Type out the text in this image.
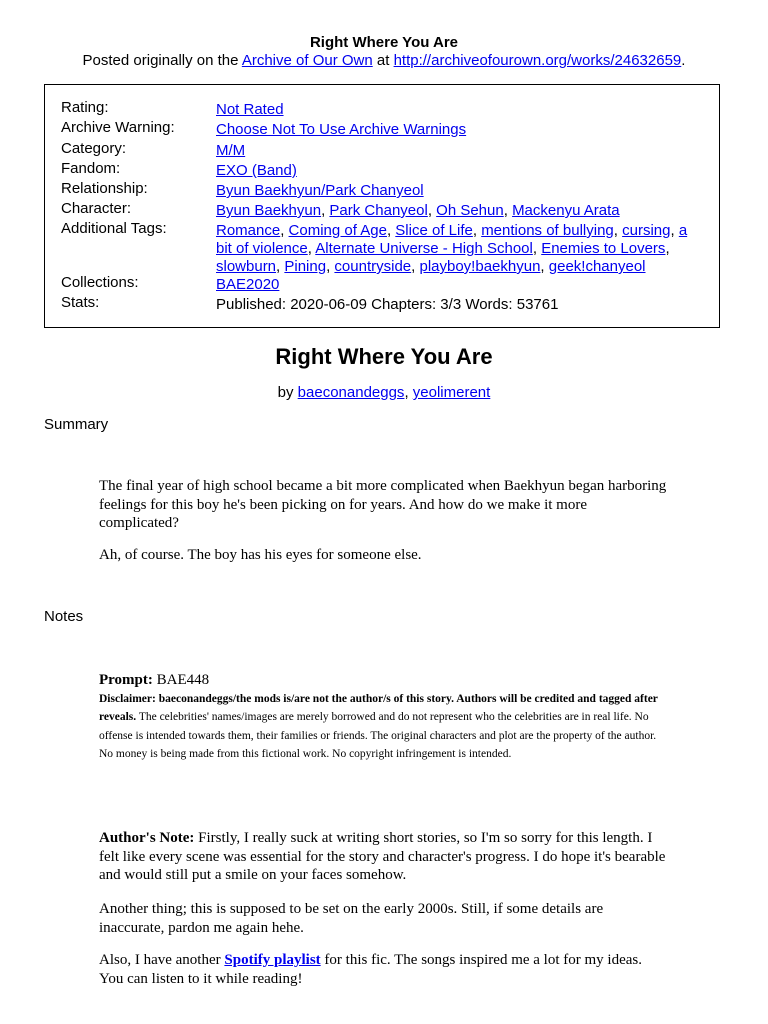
Right Where You Are
Posted originally on the Archive of Our Own at http://archiveofourown.org/works/24632659.
Rating:	Not Rated
Archive Warning:	Choose Not To Use Archive Warnings
Category:	M/M
Fandom:	EXO (Band)
Relationship:	Byun Baekhyun/Park Chanyeol
Character:	Byun Baekhyun, Park Chanyeol, Oh Sehun, Mackenyu Arata
Additional Tags:	Romance, Coming of Age, Slice of Life, mentions of bullying, cursing, a bit of violence, Alternate Universe - High School, Enemies to Lovers, slowburn, Pining, countryside, playboy!baekhyun, geek!chanyeol
Collections:	BAE2020
Stats:	Published: 2020-06-09 Chapters: 3/3 Words: 53761
Right Where You Are
by baeconandeggs, yeolimerent
Summary
The final year of high school became a bit more complicated when Baekhyun began harboring feelings for this boy he's been picking on for years. And how do we make it more complicated?
Ah, of course. The boy has his eyes for someone else.
Notes
Prompt: BAE448
Disclaimer: baeconandeggs/the mods is/are not the author/s of this story. Authors will be credited and tagged after reveals. The celebrities' names/images are merely borrowed and do not represent who the celebrities are in real life. No offense is intended towards them, their families or friends. The original characters and plot are the property of the author. No money is being made from this fictional work. No copyright infringement is intended.
Author's Note: Firstly, I really suck at writing short stories, so I'm so sorry for this length. I felt like every scene was essential for the story and character's progress. I do hope it's bearable and would still put a smile on your faces somehow.
Another thing; this is supposed to be set on the early 2000s. Still, if some details are inaccurate, pardon me again hehe.
Also, I have another Spotify playlist for this fic. The songs inspired me a lot for my ideas. You can listen to it while reading!
